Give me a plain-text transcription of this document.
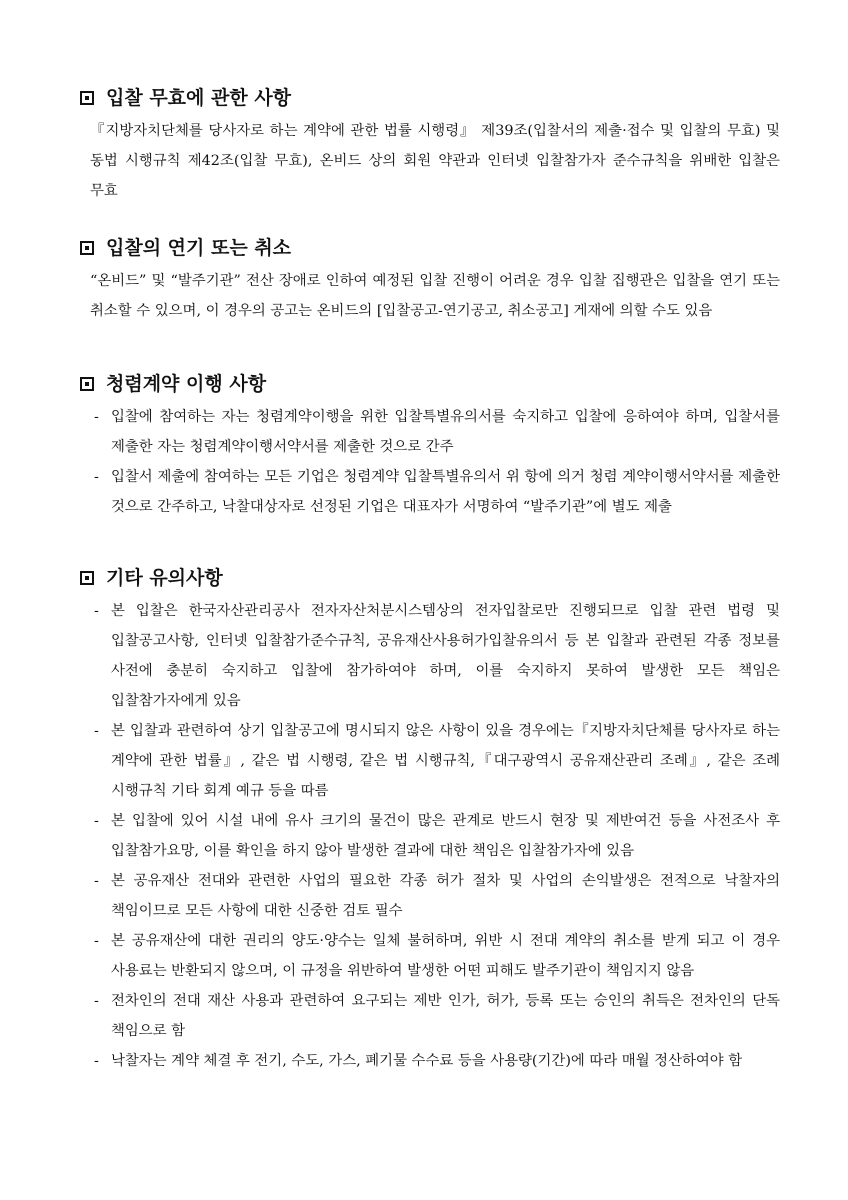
입찰 무효에 관한 사항

『지방자치단체를 당사자로 하는 계약에 관한 법률 시행령』 제39조(입찰서의 제출·접수 및 입찰의 무효) 및 동법 시행규칙 제42조(입찰 무효), 온비드 상의 회원 약관과 인터넷 입찰참가자 준수규칙을 위배한 입찰은 무효

입찰의 연기 또는 취소

“온비드” 및 “발주기관” 전산 장애로 인하여 예정된 입찰 진행이 어려운 경우 입찰 집행관은 입찰을 연기 또는 취소할 수 있으며, 이 경우의 공고는 온비드의 [입찰공고-연기공고, 취소공고] 게재에 의할 수도 있음

청렴계약 이행 사항
- 입찰에 참여하는 자는 청렴계약이행을 위한 입찰특별유의서를 숙지하고 입찰에 응하여야 하며, 입찰서를 제출한 자는 청렴계약이행서약서를 제출한 것으로 간주
- 입찰서 제출에 참여하는 모든 기업은 청렴계약 입찰특별유의서 위 항에 의거 청렴 계약이행서약서를 제출한 것으로 간주하고, 낙찰대상자로 선정된 기업은 대표자가 서명하여 “발주기관”에 별도 제출
기타 유의사항
- 본 입찰은 한국자산관리공사 전자자산처분시스템상의 전자입찰로만 진행되므로 입찰 관련 법령 및 입찰공고사항, 인터넷 입찰참가준수규칙, 공유재산사용허가입찰유의서 등 본 입찰과 관련된 각종 정보를 사전에 충분히 숙지하고 입찰에 참가하여야 하며, 이를 숙지하지 못하여 발생한 모든 책임은 입찰참가자에게 있음
- 본 입찰과 관련하여 상기 입찰공고에 명시되지 않은 사항이 있을 경우에는『지방자치단체를 당사자로 하는 계약에 관한 법률』, 같은 법 시행령, 같은 법 시행규칙,『대구광역시 공유재산관리 조례』, 같은 조례 시행규칙 기타 회계 예규 등을 따름
- 본 입찰에 있어 시설 내에 유사 크기의 물건이 많은 관계로 반드시 현장 및 제반여건 등을 사전조사 후 입찰참가요망, 이를 확인을 하지 않아 발생한 결과에 대한 책임은 입찰참가자에 있음
- 본 공유재산 전대와 관련한 사업의 필요한 각종 허가 절차 및 사업의 손익발생은 전적으로 낙찰자의 책임이므로 모든 사항에 대한 신중한 검토 필수
- 본 공유재산에 대한 권리의 양도·양수는 일체 불허하며, 위반 시 전대 계약의 취소를 받게 되고 이 경우 사용료는 반환되지 않으며, 이 규정을 위반하여 발생한 어떤 피해도 발주기관이 책임지지 않음
- 전차인의 전대 재산 사용과 관련하여 요구되는 제반 인가, 허가, 등록 또는 승인의 취득은 전차인의 단독 책임으로 함
- 낙찰자는 계약 체결 후 전기, 수도, 가스, 폐기물 수수료 등을 사용량(기간)에 따라 매월 정산하여야 함
